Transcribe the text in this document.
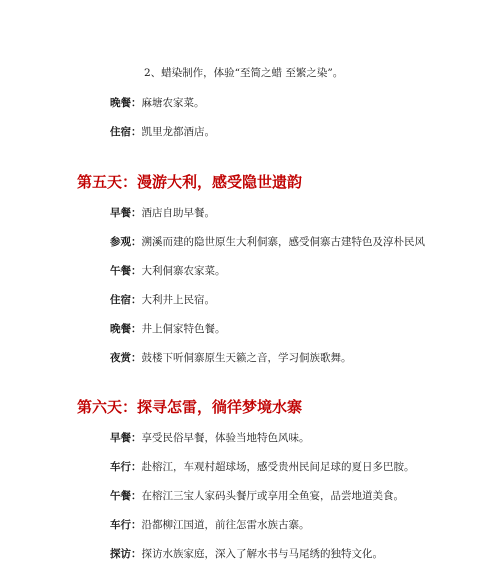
2、蜡染制作，体验“至简之蜡 至繁之染”。
晚餐：麻塘农家菜。
住宿：凯里龙都酒店。
第五天：漫游大利，感受隐世遗韵
早餐：酒店自助早餐。
参观：溯溪而建的隐世原生大利侗寨，感受侗寨古建特色及淳朴民风
午餐：大利侗寨农家菜。
住宿：大利井上民宿。
晚餐：井上侗家特色餐。
夜赏：鼓楼下听侗寨原生天籁之音，学习侗族歌舞。
第六天：探寻怎雷，徜徉梦境水寨
早餐：享受民俗早餐，体验当地特色风味。
车行：赴榕江，车观村超球场，感受贵州民间足球的夏日多巴胺。
午餐：在榕江三宝人家码头餐厅或享用全鱼宴，品尝地道美食。
车行：沿都柳江国道，前往怎雷水族古寨。
探访：探访水族家庭，深入了解水书与马尾绣的独特文化。
